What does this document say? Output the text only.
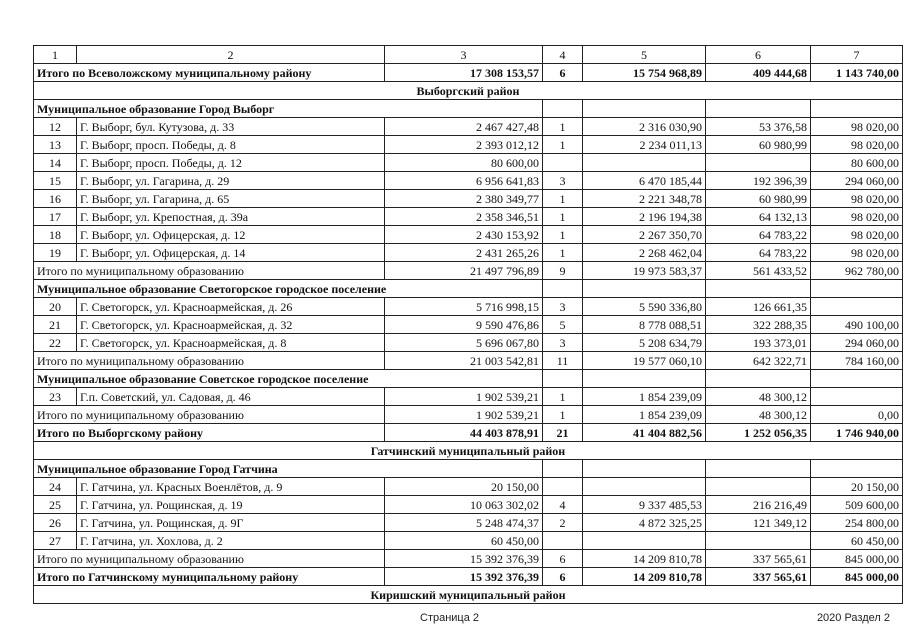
1	2	3	4	5	6	7
Итого по Всеволожскому муниципальному району		17 308 153,57	6	15 754 968,89	409 444,68	1 143 740,00
Выборгский район						
Муниципальное образование Город Выборг						
12	Г. Выборг, бул. Кутузова, д. 33	2 467 427,48	1	2 316 030,90	53 376,58	98 020,00
13	Г. Выборг, просп. Победы, д. 8	2 393 012,12	1	2 234 011,13	60 980,99	98 020,00
14	Г. Выборг, просп. Победы, д. 12	80 600,00				80 600,00
15	Г. Выборг, ул. Гагарина, д. 29	6 956 641,83	3	6 470 185,44	192 396,39	294 060,00
16	Г. Выборг, ул. Гагарина, д. 65	2 380 349,77	1	2 221 348,78	60 980,99	98 020,00
17	Г. Выборг, ул. Крепостная, д. 39а	2 358 346,51	1	2 196 194,38	64 132,13	98 020,00
18	Г. Выборг, ул. Офицерская, д. 12	2 430 153,92	1	2 267 350,70	64 783,22	98 020,00
19	Г. Выборг, ул. Офицерская, д. 14	2 431 265,26	1	2 268 462,04	64 783,22	98 020,00
Итого по муниципальному образованию		21 497 796,89	9	19 973 583,37	561 433,52	962 780,00
Муниципальное образование Светогорское городское поселение						
20	Г. Светогорск, ул. Красноармейская, д. 26	5 716 998,15	3	5 590 336,80	126 661,35	
21	Г. Светогорск, ул. Красноармейская, д. 32	9 590 476,86	5	8 778 088,51	322 288,35	490 100,00
22	Г. Светогорск, ул. Красноармейская, д. 8	5 696 067,80	3	5 208 634,79	193 373,01	294 060,00
Итого по муниципальному образованию		21 003 542,81	11	19 577 060,10	642 322,71	784 160,00
Муниципальное образование Советское городское поселение						
23	Г.п. Советский, ул. Садовая, д. 46	1 902 539,21	1	1 854 239,09	48 300,12	
Итого по муниципальному образованию		1 902 539,21	1	1 854 239,09	48 300,12	0,00
Итого по Выборгскому району		44 403 878,91	21	41 404 882,56	1 252 056,35	1 746 940,00
Гатчинский муниципальный район						
Муниципальное образование Город Гатчина						
24	Г. Гатчина, ул. Красных Военлётов, д. 9	20 150,00				20 150,00
25	Г. Гатчина, ул. Рощинская, д. 19	10 063 302,02	4	9 337 485,53	216 216,49	509 600,00
26	Г. Гатчина, ул. Рощинская, д. 9Г	5 248 474,37	2	4 872 325,25	121 349,12	254 800,00
27	Г. Гатчина, ул. Хохлова, д. 2	60 450,00				60 450,00
Итого по муниципальному образованию		15 392 376,39	6	14 209 810,78	337 565,61	845 000,00
Итого по Гатчинскому муниципальному району		15 392 376,39	6	14 209 810,78	337 565,61	845 000,00
Киришский муниципальный район						
Страница 2	2020 Раздел 2
